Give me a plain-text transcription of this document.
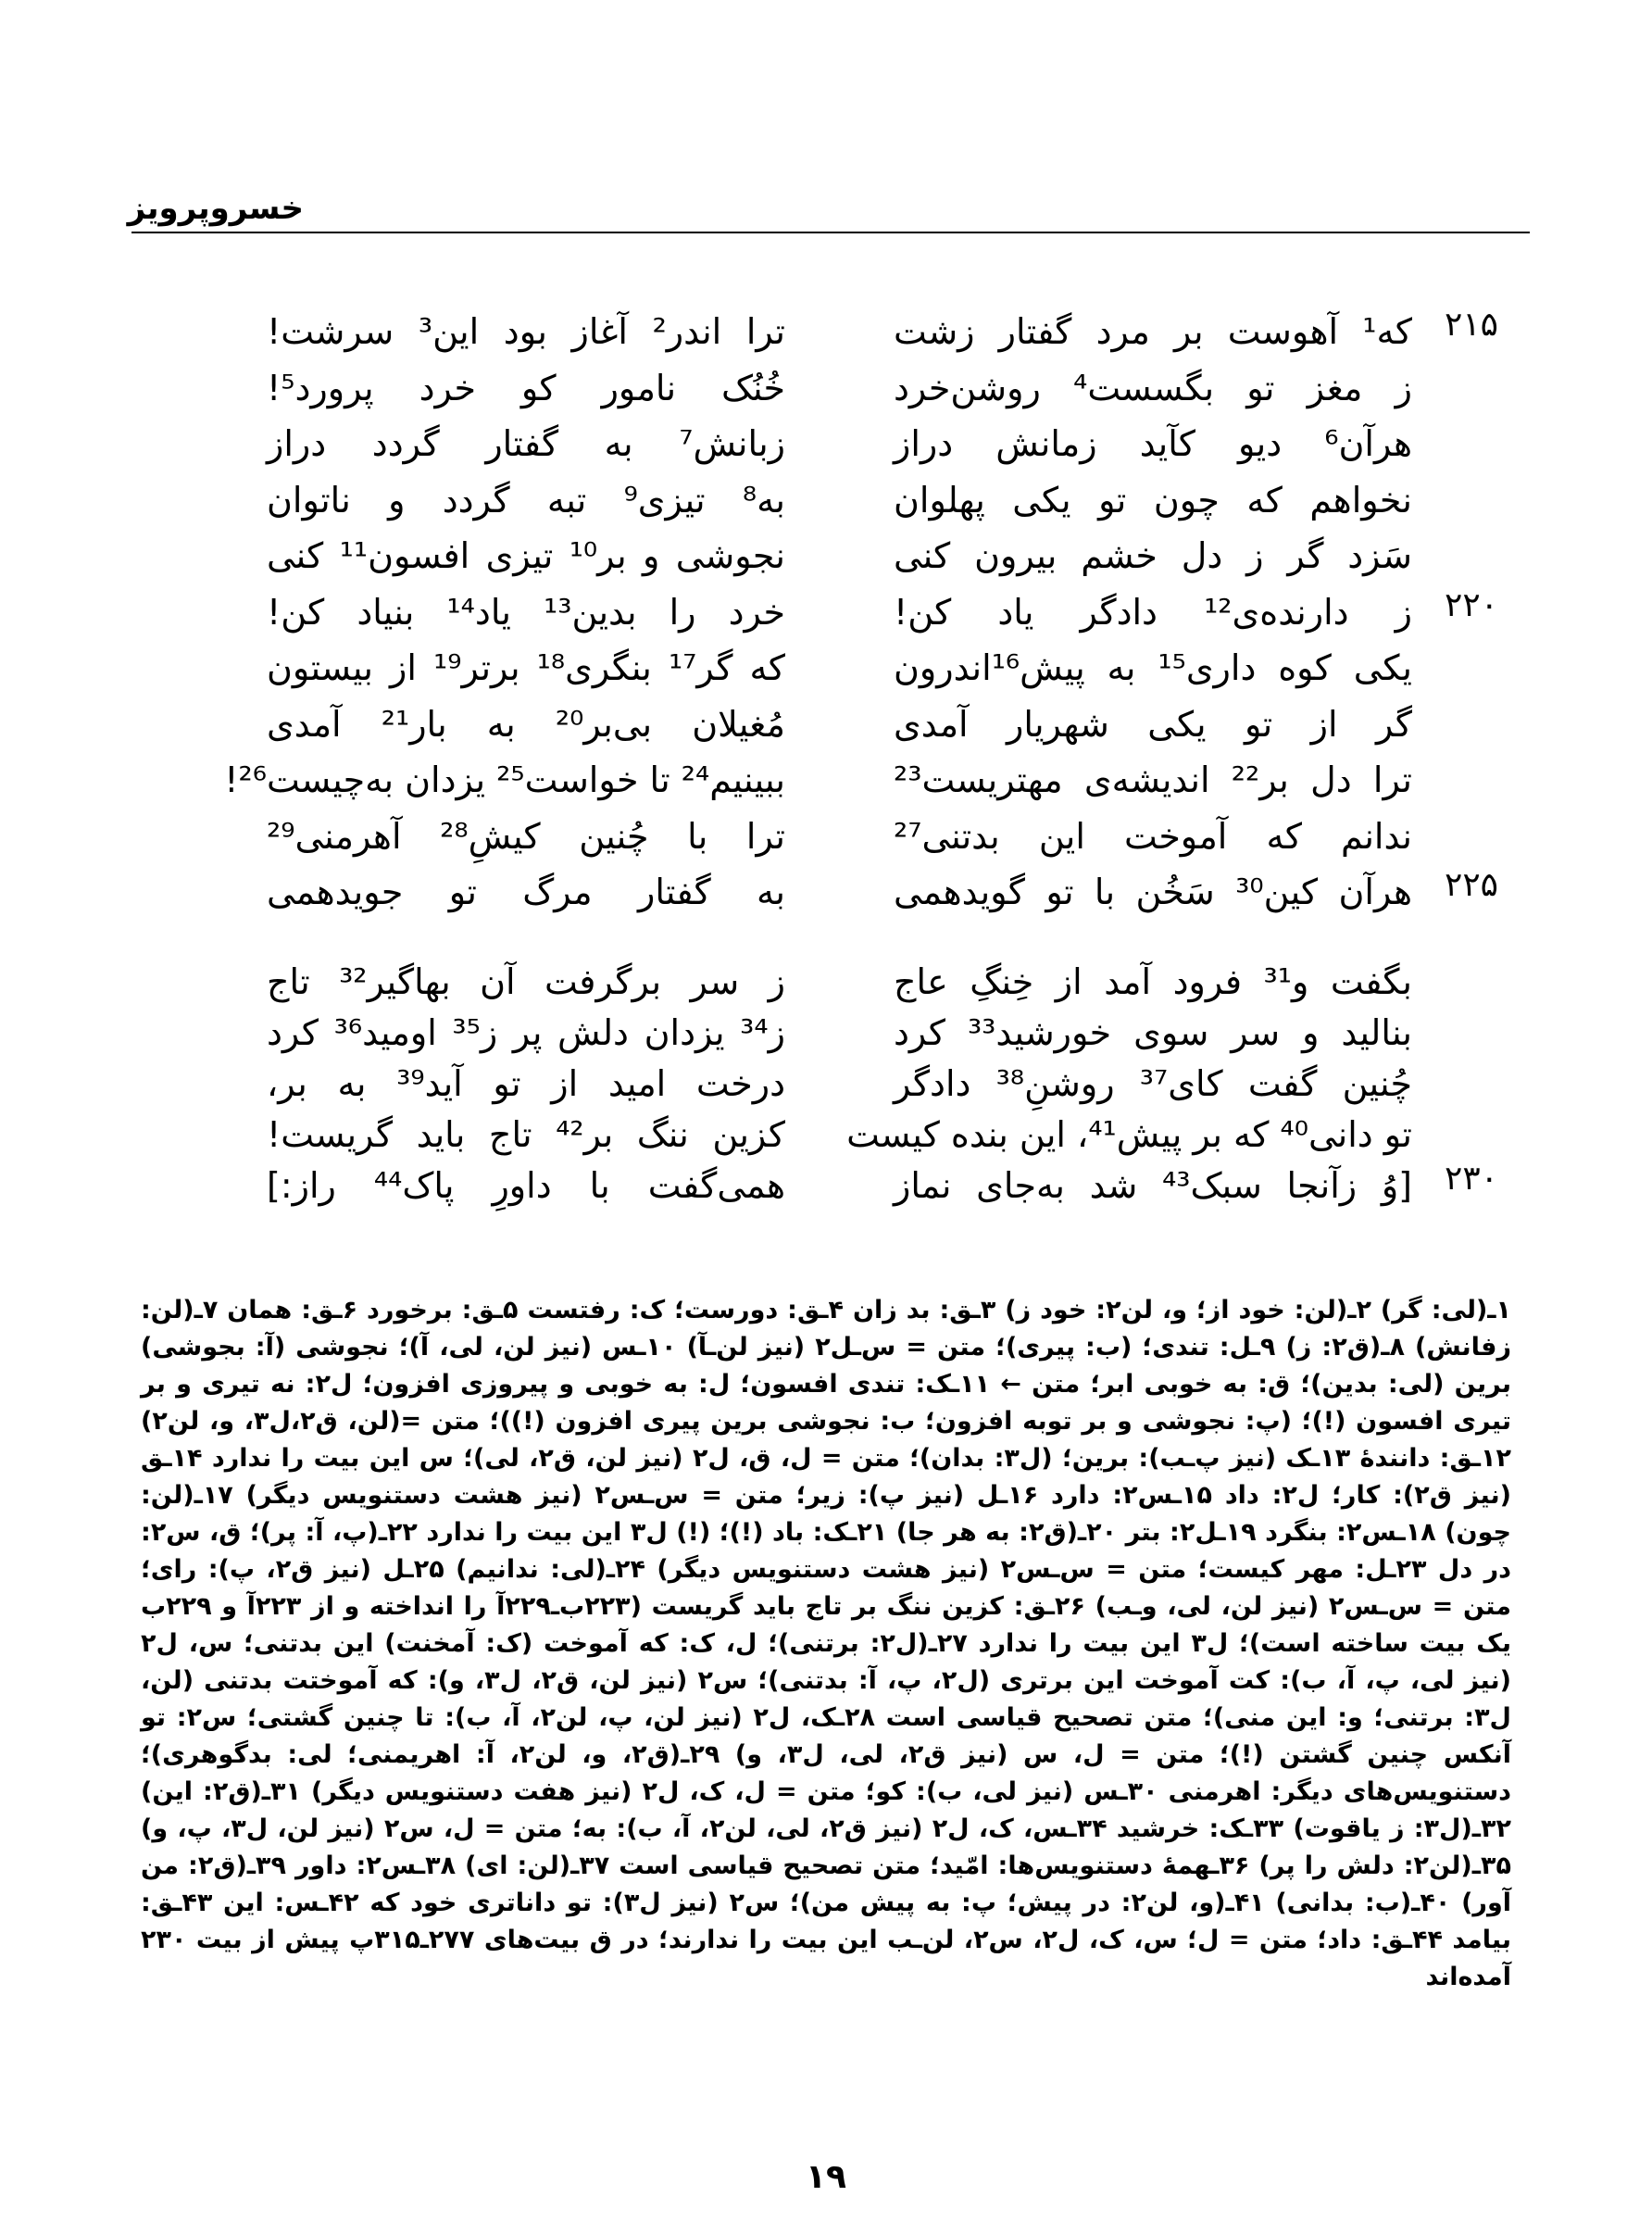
خسروپرویز
۲۱۵
که¹ آهوست بر مرد گفتار زشت
ترا اندر² آغاز بود این³ سرشت!
ز مغز تو بگسست⁴ روشن‌خرد
خُنُک نامور کو خرد پرورد⁵!
هرآن⁶ دیو کآید زمانش دراز
زبانش⁷ به گفتار گردد دراز
نخواهم که چون تو یکی پهلوان
به⁸ تیزی⁹ تبه گردد و ناتوان
سَزد گر ز دل خشم بیرون کنی
نجوشی و بر¹⁰ تیزی افسون¹¹ کنی
۲۲۰
ز دارنده‌ی¹² دادگر یاد کن!
خرد را بدین¹³ یاد¹⁴ بنیاد کن!
یکی کوه داری¹⁵ به پیش¹⁶اندرون
که گر¹⁷ بنگری¹⁸ برتر¹⁹ از بیستون
گر از تو یکی شهریار آمدی
مُغیلان بی‌بر²⁰ به بار²¹ آمدی
ترا دل بر²² اندیشه‌ی مهتریست²³
ببینیم²⁴ تا خواست²⁵ یزدان به‌چیست²⁶!
ندانم که آموخت این بدتنی²⁷
ترا با چُنین کیشِ²⁸ آهرمنی²⁹
۲۲۵
هرآن کین³⁰ سَخُن با تو گویدهمی
به گفتار مرگ تو جویدهمی
بگفت و³¹ فرود آمد از خِنگِ عاج
ز سر برگرفت آن بهاگیر³² تاج
بنالید و سر سوی خورشید³³ کرد
ز³⁴ یزدان دلش پر ز³⁵ اومید³⁶ کرد
چُنین گفت کای³⁷ روشنِ³⁸ دادگر
درخت امید از تو آید³⁹ به بر،
تو دانی⁴⁰ که بر پیش⁴¹، این بنده کیست
کزین ننگ بر⁴² تاج باید گریست!
۲۳۰
[وُ زآنجا سبک⁴³ شد به‌جای نماز
همی‌گفت با داورِ پاک⁴⁴ راز:]
۱ـ(لی: گر) ۲ـ(لن: خود از؛ و، لن۲: خود ز) ۳ـق: بد زان ۴ـق: دورست؛ ک: رفتست ۵ـق: برخورد ۶ـق: همان ۷ـ(لن: زفانش) ۸ـ(ق۲: ز) ۹ـل: تندی؛ (ب: پیری)؛ متن = س‌ـل۲ (نیز لن‌ـآ) ۱۰ـس (نیز لن، لی، آ)؛ نجوشی (آ: بجوشی) برین (لی: بدین)؛ ق: به خوبی ابر؛ متن ← ۱۱ـک: تندی افسون؛ ل: به خوبی و پیروزی افزون؛ ل۲: نه تیری و بر تیری افسون (!)؛ (پ: نجوشی و بر توبه افزون؛ ب: نجوشی برین پیری افزون (!))؛ متن =(لن، ق۲،ل۳، و، لن۲) ۱۲ـق: دانندهٔ ۱۳ـک (نیز پ‌ـب): برین؛ (ل۳: بدان)؛ متن = ل، ق، ل۲ (نیز لن، ق۲، لی)؛ س این بیت را ندارد ۱۴ـق (نیز ق۲): کار؛ ل۲: داد ۱۵ـس۲: دارد ۱۶ـل (نیز پ): زیر؛ متن = س‌ـس۲ (نیز هشت دستنویس دیگر) ۱۷ـ(لن: چون) ۱۸ـس۲: بنگرد ۱۹ـل۲: بتر ۲۰ـ(ق۲: به هر جا) ۲۱ـک: باد (!)؛ (!) ل۳ این بیت را ندارد ۲۲ـ(پ، آ: پر)؛ ق، س۲: در دل ۲۳ـل: مهر کیست؛ متن = س‌ـس۲ (نیز هشت دستنویس دیگر) ۲۴ـ(لی: ندانیم) ۲۵ـل (نیز ق۲، پ): رای؛ متن = س‌ـس۲ (نیز لن، لی، و‌ـب) ۲۶ـق: کزین ننگ بر تاج باید گریست (۲۲۳ب‌ـ۲۲۹آ را انداخته و از ۲۲۳آ و ۲۲۹ب یک بیت ساخته است)؛ ل۳ این بیت را ندارد ۲۷ـ(ل۲: برتنی)؛ ل، ک: که آموخت (ک: آمخنت) این بدتنی؛ س، ل۲ (نیز لی، پ، آ، ب): کت آموخت این برتری (ل۲، پ، آ: بدتنی)؛ س۲ (نیز لن، ق۲، ل۳، و): که آموختت بدتنی (لن، ل۳: برتنی؛ و: این منی)؛ متن تصحیح قیاسی است ۲۸ـک، ل۲ (نیز لن، پ، لن۲، آ، ب): تا چنین گشتی؛ س۲: تو آنکس چنین گشتن (!)؛ متن = ل، س (نیز ق۲، لی، ل۳، و) ۲۹ـ(ق۲، و، لن۲، آ: اهریمنی؛ لی: بدگوهری)؛ دستنویس‌های دیگر: اهرمنی ۳۰ـس (نیز لی، ب): کو؛ متن = ل، ک، ل۲ (نیز هفت دستنویس دیگر) ۳۱ـ(ق۲: این) ۳۲ـ(ل۳: ز یاقوت) ۳۳ـک: خرشید ۳۴ـس، ک، ل۲ (نیز ق۲، لی، لن۲، آ، ب): به؛ متن = ل، س۲ (نیز لن، ل۳، پ، و) ۳۵ـ(لن۲: دلش را پر) ۳۶ـهمهٔ دستنویس‌ها: امّید؛ متن تصحیح قیاسی است ۳۷ـ(لن: ای) ۳۸ـس۲: داور ۳۹ـ(ق۲: من آور) ۴۰ـ(ب: بدانی) ۴۱ـ(و، لن۲: در پیش؛ پ: به پیش من)؛ س۲ (نیز ل۳): تو داناتری خود که ۴۲ـس: این ۴۳ـق: بیامد ۴۴ـق: داد؛ متن = ل؛ س، ک، ل۲، س۲، لن‌ـب این بیت را ندارند؛ در ق بیت‌های ۲۷۷ـ۳۱۵پ پیش از بیت ۲۳۰ آمده‌اند
۱۹
